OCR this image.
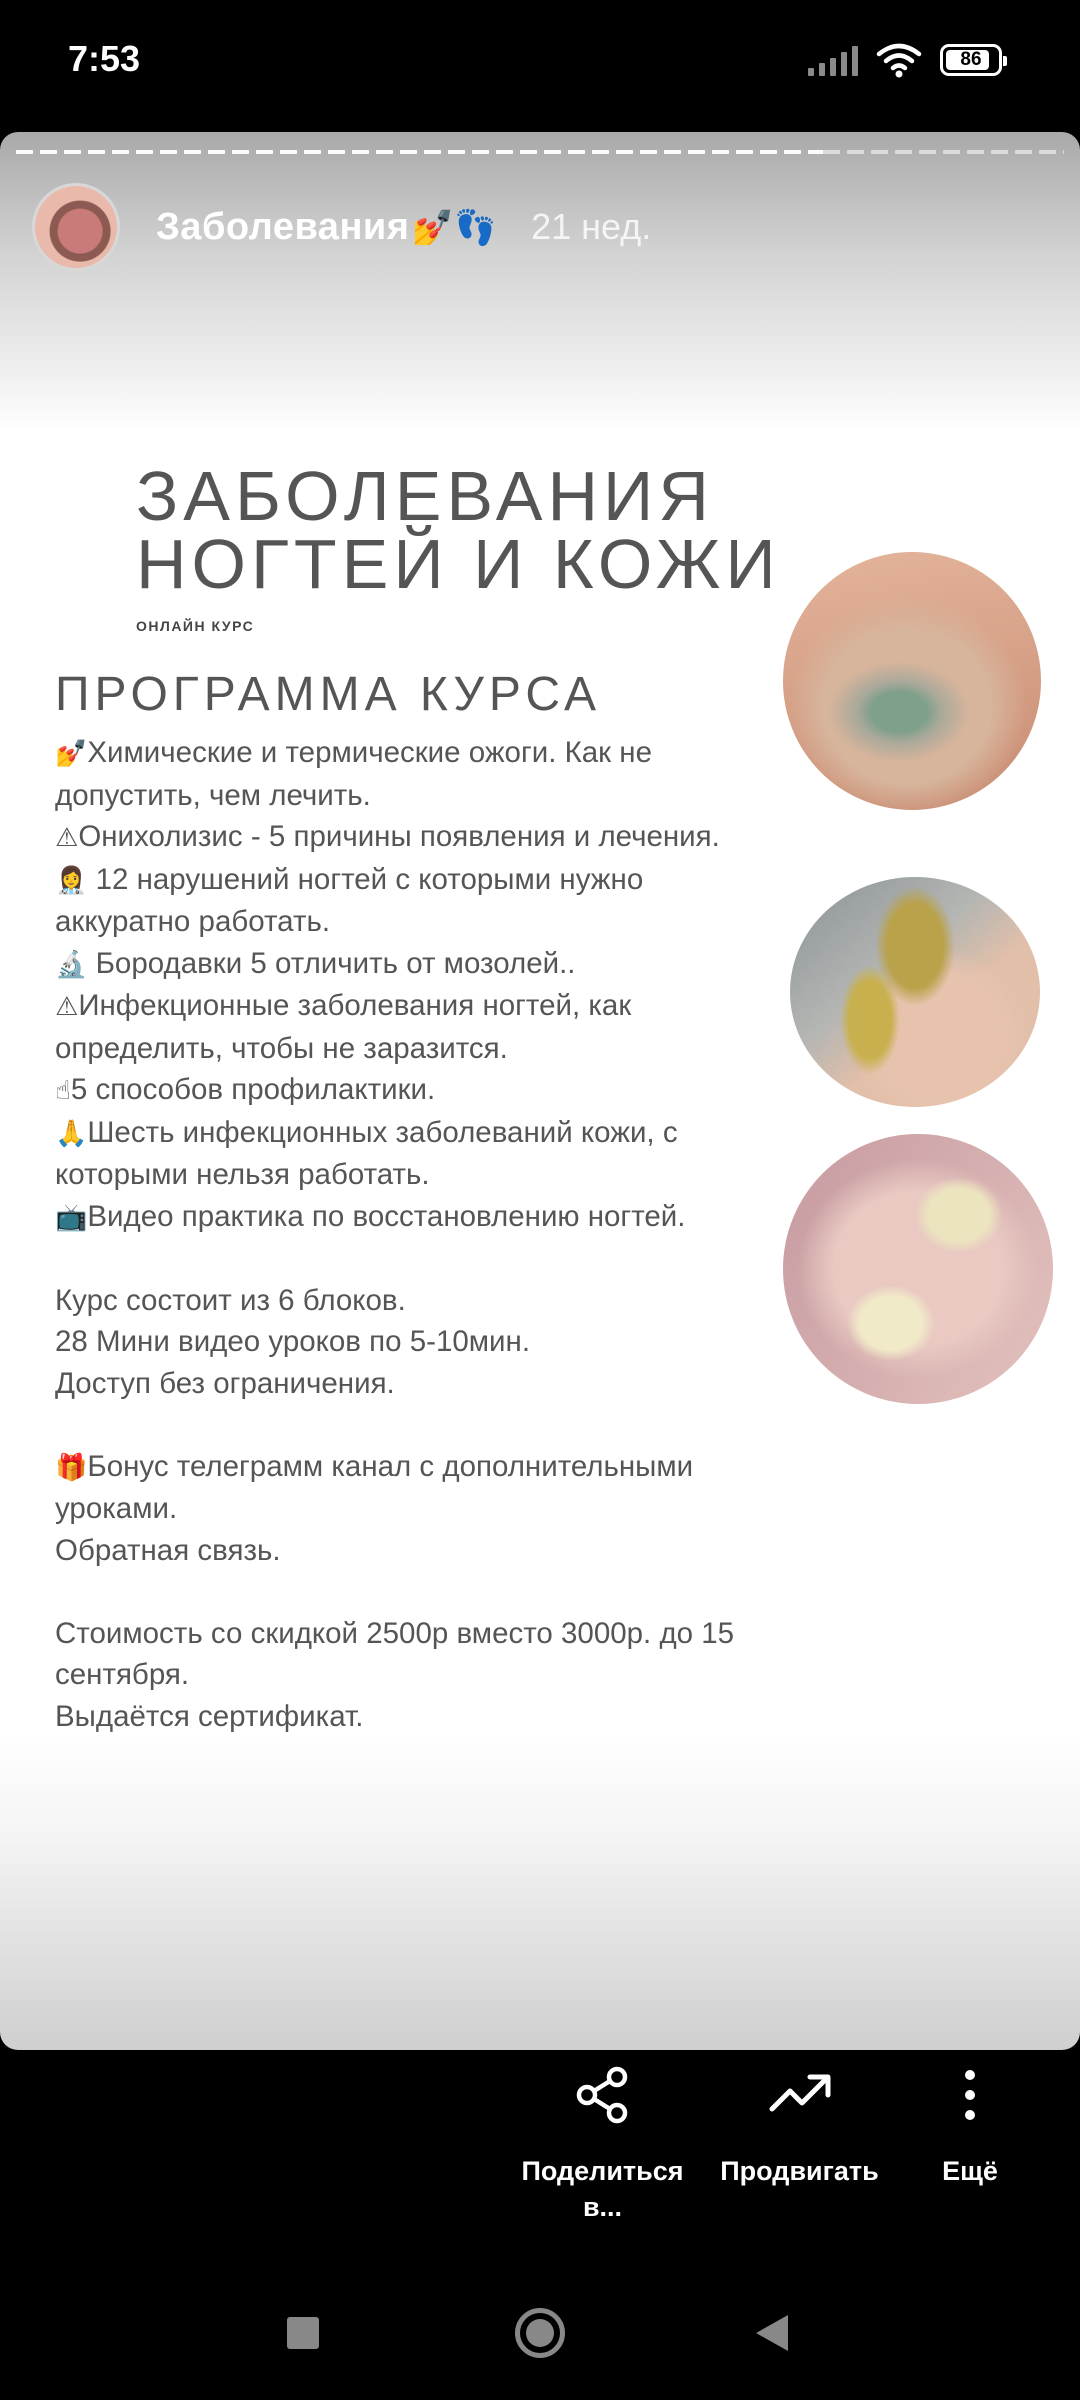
7:53	86
Заболевания💅👣 21 нед.
ЗАБОЛЕВАНИЯ
НОГТЕЙ И КОЖИ
ОНЛАЙН КУРС
ПРОГРАММА КУРСА
💅Химические и термические ожоги. Как не
допустить, чем лечить.
⚠Онихолизис - 5 причины появления и лечения.
👩‍⚕️ 12 нарушений ногтей с которыми нужно
аккуратно работать.
🔬 Бородавки 5 отличить от мозолей..
⚠Инфекционные заболевания ногтей, как
определить, чтобы не заразится.
☝5 способов профилактики.
🙏Шесть инфекционных заболеваний кожи, с
которыми нельзя работать.
📺Видео практика по восстановлению ногтей.
Курс состоит из 6 блоков.
28 Мини видео уроков по 5-10мин.
Доступ без ограничения.
🎁Бонус телеграмм канал с дополнительными
уроками.
Обратная связь.
Стоимость со скидкой 2500р вместо 3000р. до 15
сентября.
Выдаётся сертификат.
Поделиться
в...
Продвигать	Ещё
